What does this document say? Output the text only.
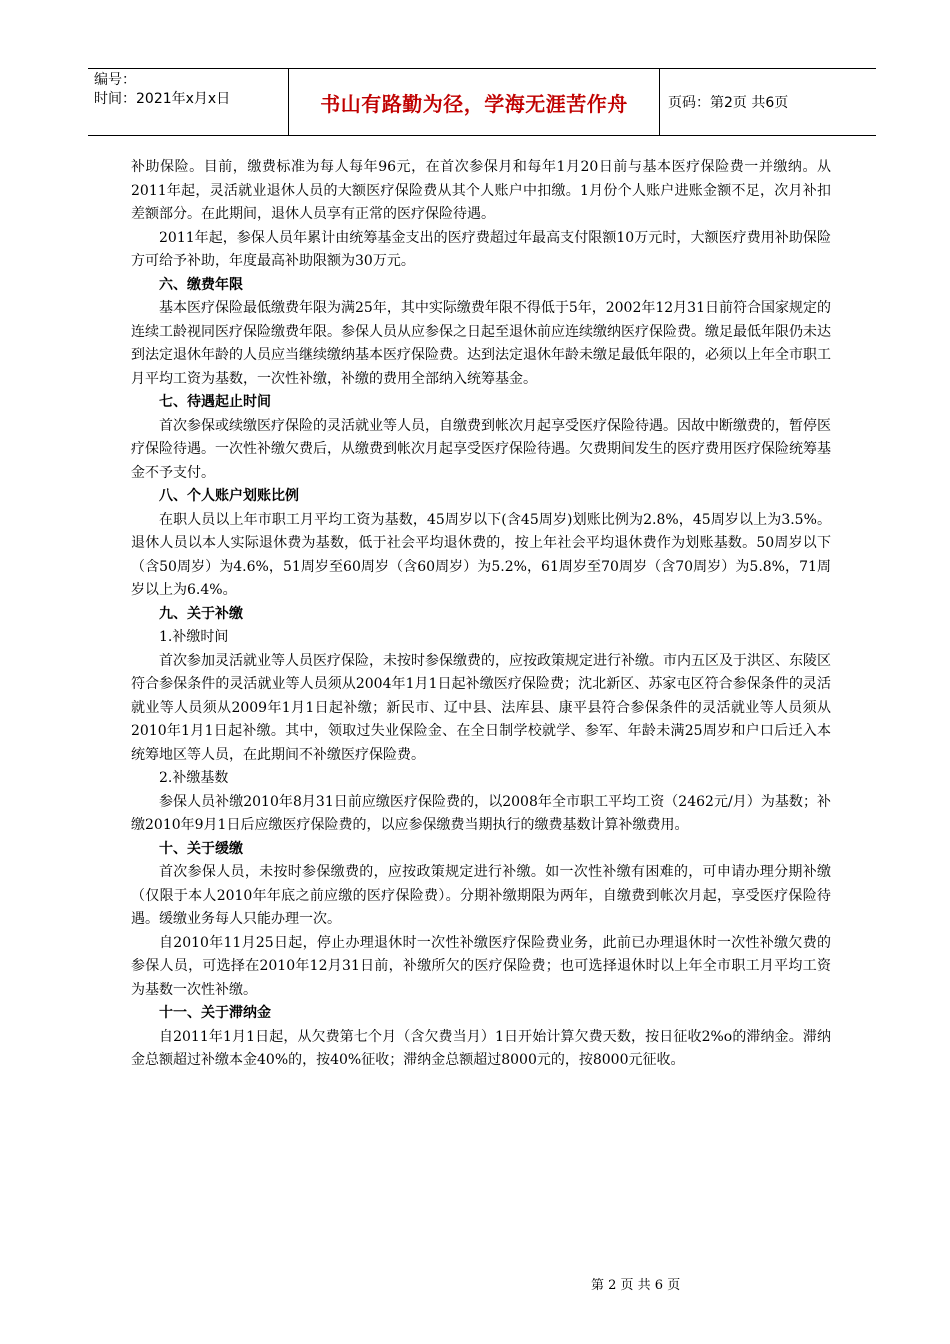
编号：
时间：2021年x月x日	书山有路勤为径，学海无涯苦作舟	页码：第2页 共6页

补助保险。目前，缴费标准为每人每年96元，在首次参保月和每年1月20日前与基本医疗保险费一并缴纳。从2011年起，灵活就业退休人员的大额医疗保险费从其个人账户中扣缴。1月份个人账户进账金额不足，次月补扣差额部分。在此期间，退休人员享有正常的医疗保险待遇。

2011年起，参保人员年累计由统筹基金支出的医疗费超过年最高支付限额10万元时，大额医疗费用补助保险方可给予补助，年度最高补助限额为30万元。

六、缴费年限

基本医疗保险最低缴费年限为满25年，其中实际缴费年限不得低于5年，2002年12月31日前符合国家规定的连续工龄视同医疗保险缴费年限。参保人员从应参保之日起至退休前应连续缴纳医疗保险费。缴足最低年限仍未达到法定退休年龄的人员应当继续缴纳基本医疗保险费。达到法定退休年龄未缴足最低年限的，必须以上年全市职工月平均工资为基数，一次性补缴，补缴的费用全部纳入统筹基金。

七、待遇起止时间

首次参保或续缴医疗保险的灵活就业等人员，自缴费到帐次月起享受医疗保险待遇。因故中断缴费的，暂停医疗保险待遇。一次性补缴欠费后，从缴费到帐次月起享受医疗保险待遇。欠费期间发生的医疗费用医疗保险统筹基金不予支付。

八、个人账户划账比例

在职人员以上年市职工月平均工资为基数，45周岁以下(含45周岁)划账比例为2.8%，45周岁以上为3.5%。退休人员以本人实际退休费为基数，低于社会平均退休费的，按上年社会平均退休费作为划账基数。50周岁以下（含50周岁）为4.6%，51周岁至60周岁（含60周岁）为5.2%，61周岁至70周岁（含70周岁）为5.8%，71周岁以上为6.4%。

九、关于补缴
1.补缴时间

首次参加灵活就业等人员医疗保险，未按时参保缴费的，应按政策规定进行补缴。市内五区及于洪区、东陵区符合参保条件的灵活就业等人员须从2004年1月1日起补缴医疗保险费；沈北新区、苏家屯区符合参保条件的灵活就业等人员须从2009年1月1日起补缴；新民市、辽中县、法库县、康平县符合参保条件的灵活就业等人员须从2010年1月1日起补缴。其中，领取过失业保险金、在全日制学校就学、参军、年龄未满25周岁和户口后迁入本统筹地区等人员，在此期间不补缴医疗保险费。

2.补缴基数

参保人员补缴2010年8月31日前应缴医疗保险费的，以2008年全市职工平均工资（2462元/月）为基数；补缴2010年9月1日后应缴医疗保险费的，以应参保缴费当期执行的缴费基数计算补缴费用。

十、关于缓缴

首次参保人员，未按时参保缴费的，应按政策规定进行补缴。如一次性补缴有困难的，可申请办理分期补缴（仅限于本人2010年年底之前应缴的医疗保险费）。分期补缴期限为两年，自缴费到帐次月起，享受医疗保险待遇。缓缴业务每人只能办理一次。

自2010年11月25日起，停止办理退休时一次性补缴医疗保险费业务，此前已办理退休时一次性补缴欠费的参保人员，可选择在2010年12月31日前，补缴所欠的医疗保险费；也可选择退休时以上年全市职工月平均工资为基数一次性补缴。

十一、关于滞纳金

自2011年1月1日起，从欠费第七个月（含欠费当月）1日开始计算欠费天数，按日征收2%o的滞纳金。滞纳金总额超过补缴本金40%的，按40%征收；滞纳金总额超过8000元的，按8000元征收。

第 2 页 共 6 页
